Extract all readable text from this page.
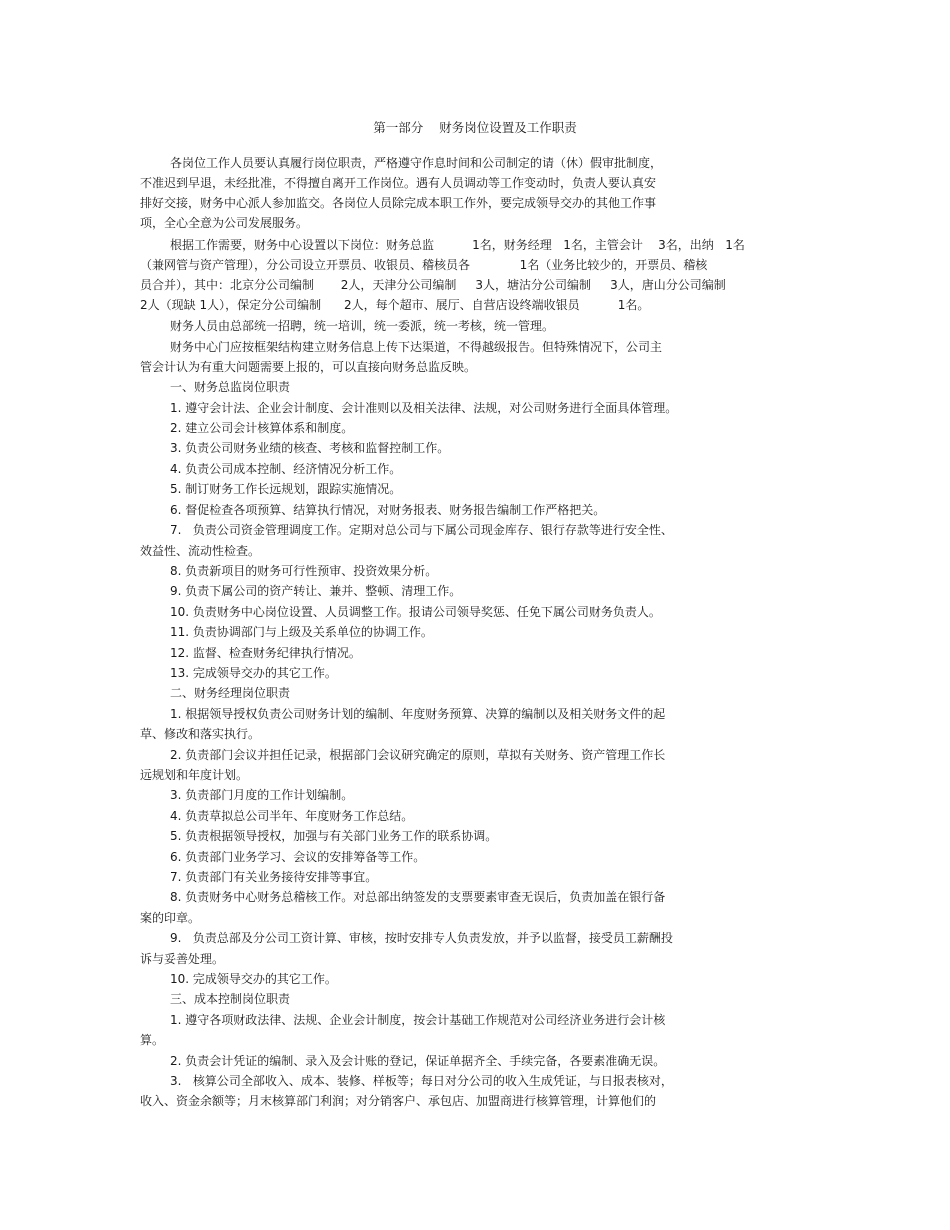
第一部分    财务岗位设置及工作职责
各岗位工作人员要认真履行岗位职责，严格遵守作息时间和公司制定的请（休）假审批制度，
不准迟到早退，未经批准，不得擅自离开工作岗位。遇有人员调动等工作变动时，负责人要认真安
排好交接，财务中心派人参加监交。各岗位人员除完成本职工作外，要完成领导交办的其他工作事
项，全心全意为公司发展服务。
根据工作需要，财务中心设置以下岗位：财务总监          1名，财务经理   1名，主管会计    3名，出纳   1名
（兼网管与资产管理），分公司设立开票员、收银员、稽核员各             1名（业务比较少的，开票员、稽核
员合并），其中：北京分公司编制       2人，天津分公司编制     3人，塘沽分公司编制     3人，唐山分公司编制
2人（现缺 1人），保定分公司编制      2人，每个超市、展厅、自营店设终端收银员          1名。
财务人员由总部统一招聘，统一培训，统一委派，统一考核，统一管理。
财务中心门应按框架结构建立财务信息上传下达渠道，不得越级报告。但特殊情况下，公司主
管会计认为有重大问题需要上报的，可以直接向财务总监反映。
一、财务总监岗位职责
1. 遵守会计法、企业会计制度、会计准则以及相关法律、法规，对公司财务进行全面具体管理。
2. 建立公司会计核算体系和制度。
3. 负责公司财务业绩的核查、考核和监督控制工作。
4. 负责公司成本控制、经济情况分析工作。
5. 制订财务工作长远规划，跟踪实施情况。
6. 督促检查各项预算、结算执行情况，对财务报表、财务报告编制工作严格把关。
7.   负责公司资金管理调度工作。定期对总公司与下属公司现金库存、银行存款等进行安全性、
效益性、流动性检查。
8. 负责新项目的财务可行性预审、投资效果分析。
9. 负责下属公司的资产转让、兼并、整顿、清理工作。
10. 负责财务中心岗位设置、人员调整工作。报请公司领导奖惩、任免下属公司财务负责人。
11. 负责协调部门与上级及关系单位的协调工作。
12. 监督、检查财务纪律执行情况。
13. 完成领导交办的其它工作。
二、财务经理岗位职责
1. 根据领导授权负责公司财务计划的编制、年度财务预算、决算的编制以及相关财务文件的起
草、修改和落实执行。
2. 负责部门会议并担任记录，根据部门会议研究确定的原则，草拟有关财务、资产管理工作长
远规划和年度计划。
3. 负责部门月度的工作计划编制。
4. 负责草拟总公司半年、年度财务工作总结。
5. 负责根据领导授权，加强与有关部门业务工作的联系协调。
6. 负责部门业务学习、会议的安排筹备等工作。
7. 负责部门有关业务接待安排等事宜。
8. 负责财务中心财务总稽核工作。对总部出纳签发的支票要素审查无误后，负责加盖在银行备
案的印章。
9.   负责总部及分公司工资计算、审核，按时安排专人负责发放，并予以监督，接受员工薪酬投
诉与妥善处理。
10. 完成领导交办的其它工作。
三、成本控制岗位职责
1. 遵守各项财政法律、法规、企业会计制度，按会计基础工作规范对公司经济业务进行会计核
算。
2. 负责会计凭证的编制、录入及会计账的登记，保证单据齐全、手续完备，各要素准确无误。
3.   核算公司全部收入、成本、装修、样板等；每日对分公司的收入生成凭证，与日报表核对，
收入、资金余额等；月末核算部门利润；对分销客户、承包店、加盟商进行核算管理，计算他们的
